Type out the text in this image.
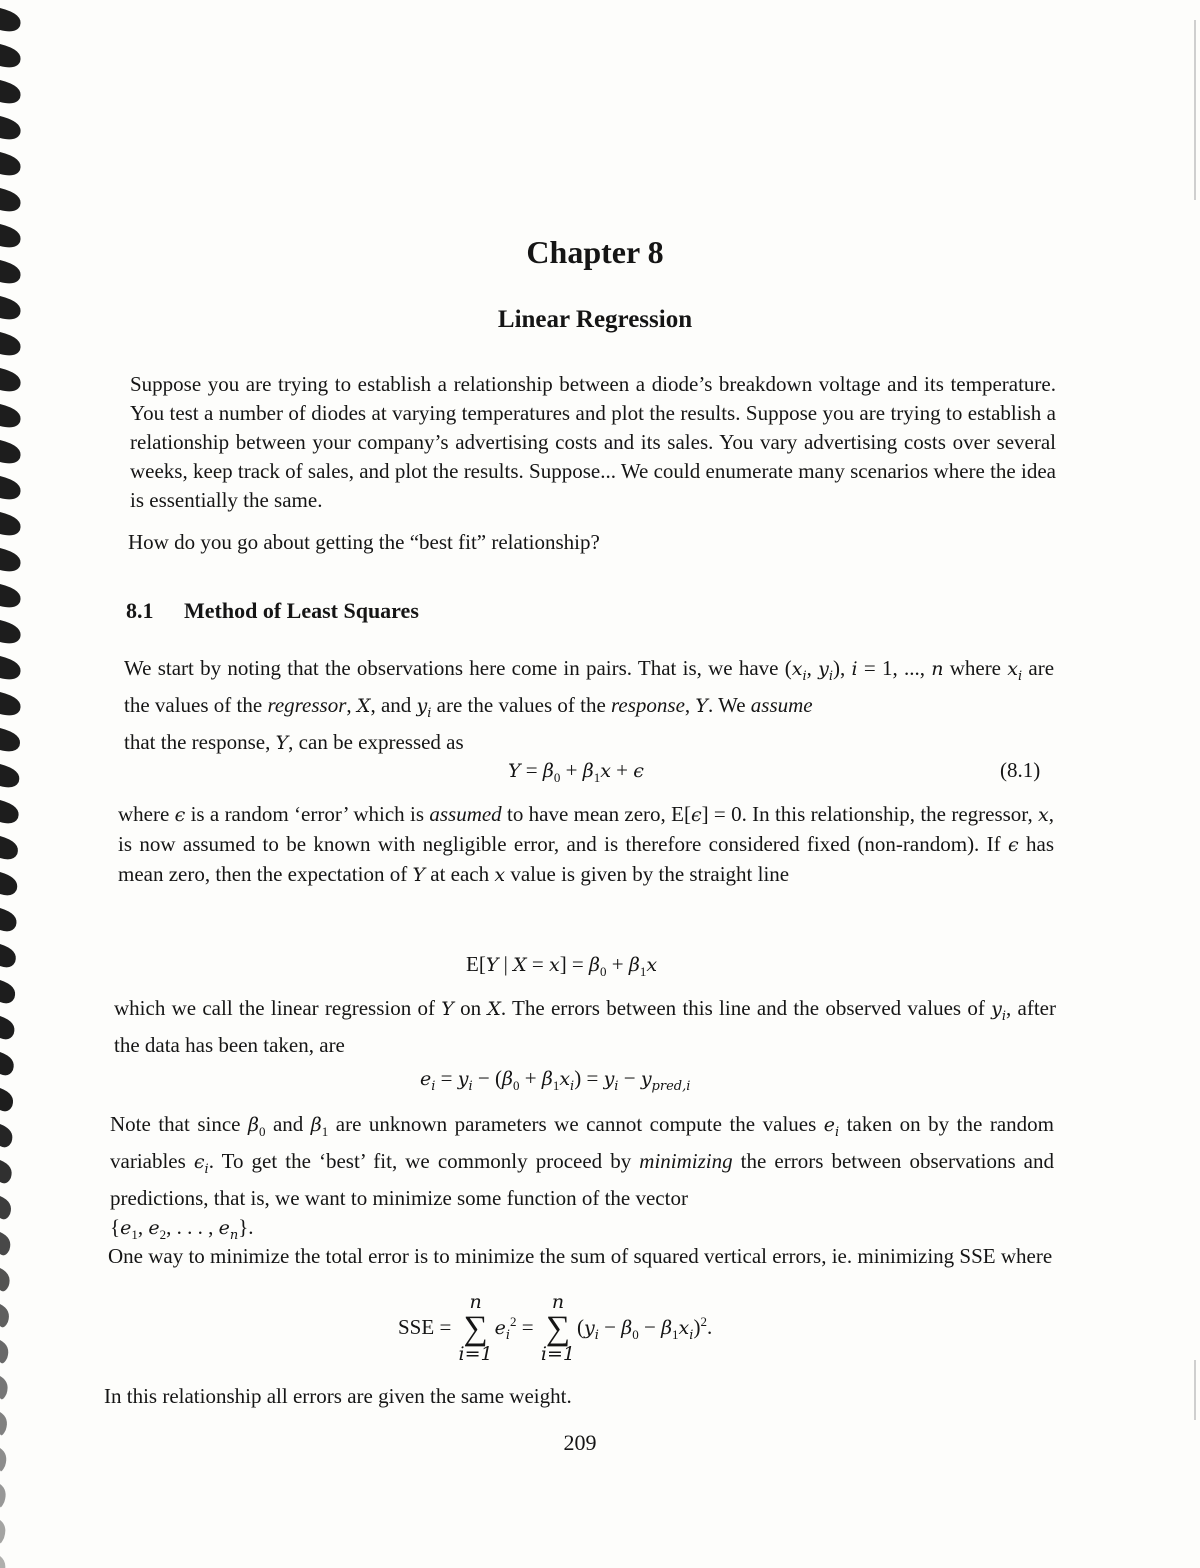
Chapter 8
Linear Regression
Suppose you are trying to establish a relationship between a diode’s breakdown voltage and its temperature. You test a number of diodes at varying temperatures and plot the results. Suppose you are trying to establish a relationship between your company’s advertising costs and its sales. You vary advertising costs over several weeks, keep track of sales, and plot the results. Suppose... We could enumerate many scenarios where the idea is essentially the same.
How do you go about getting the “best fit” relationship?
8.1 Method of Least Squares
We start by noting that the observations here come in pairs. That is, we have ($x_i$, $y_i$), i = 1, ..., n where $x_i$ are the values of the regressor, X, and $y_i$ are the values of the response, Y. We assume
that the response, Y, can be expressed as
$Y = \beta_0 + \beta_1x + \epsilon$	(8.1)
where ϵ is a random ‘error’ which is assumed to have mean zero, E[ϵ] = 0. In this relationship, the regressor, x, is now assumed to be known with negligible error, and is therefore considered fixed (non-random). If ϵ has mean zero, then the expectation of Y at each x value is given by the straight line
E[Y | $X = x] = \beta_0 + \beta_1x$
which we call the linear regression of Y on X. The errors between this line and the observed values of $y_i$, after the data has been taken, are
$e_i = y_i - (\beta_0 + \beta_1x_i) = y_i - y_{pred,i}$
Note that since $\beta_0$ and $\beta_1$ are unknown parameters we cannot compute the values $e_i$ taken on by the random variables $\epsilon_i$. To get the ‘best’ fit, we commonly proceed by minimizing the errors between observations and predictions, that is, we want to minimize some function of the vector
{$e_1$, $e_2$, . . . , $e_n$}.
One way to minimize the total error is to minimize the sum of squared vertical errors, ie. minimizing SSE where
SSE = n
∑
$i=1e_i^2 = n$
∑
$i=1(y_i - \beta_0 - \beta_1x_i)^2$.
In this relationship all errors are given the same weight.
209
